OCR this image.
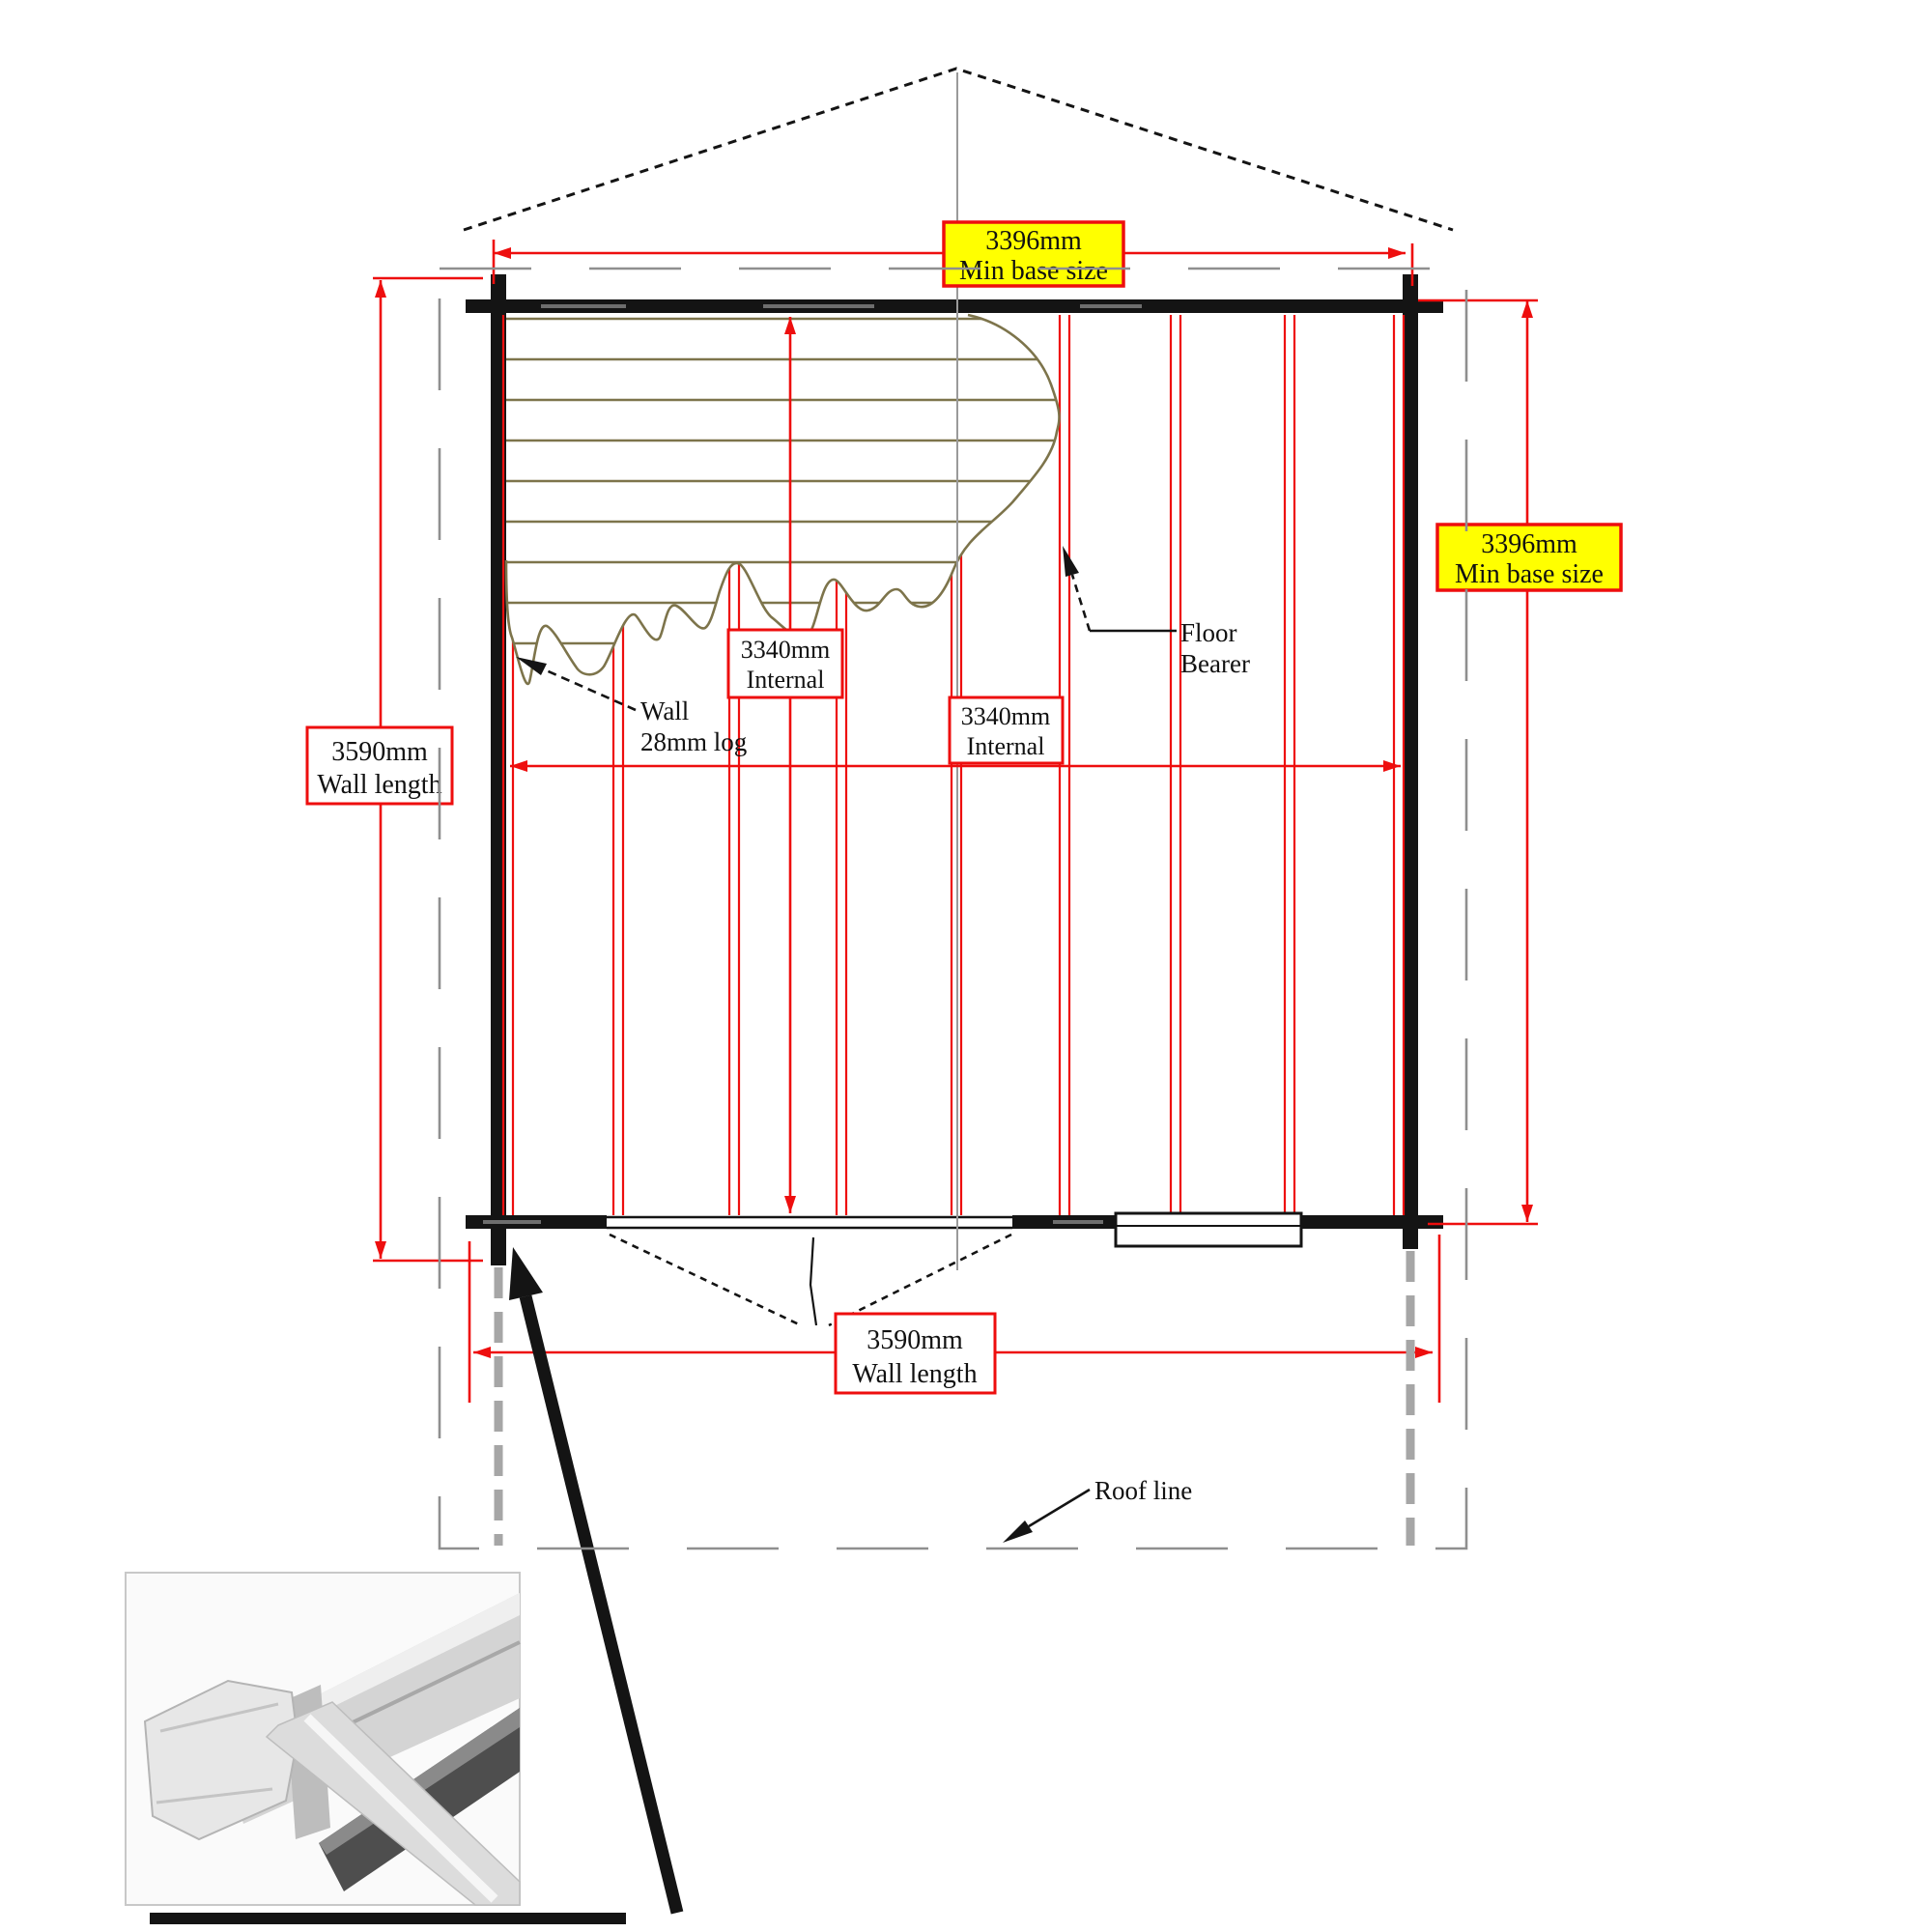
3396mm
Min base size
3396mm
Min base size
3590mm
Wall length
3590mm
Wall length
3340mm
Internal
3340mm
Internal
Wall
28mm log
Floor
Bearer
Roof line
